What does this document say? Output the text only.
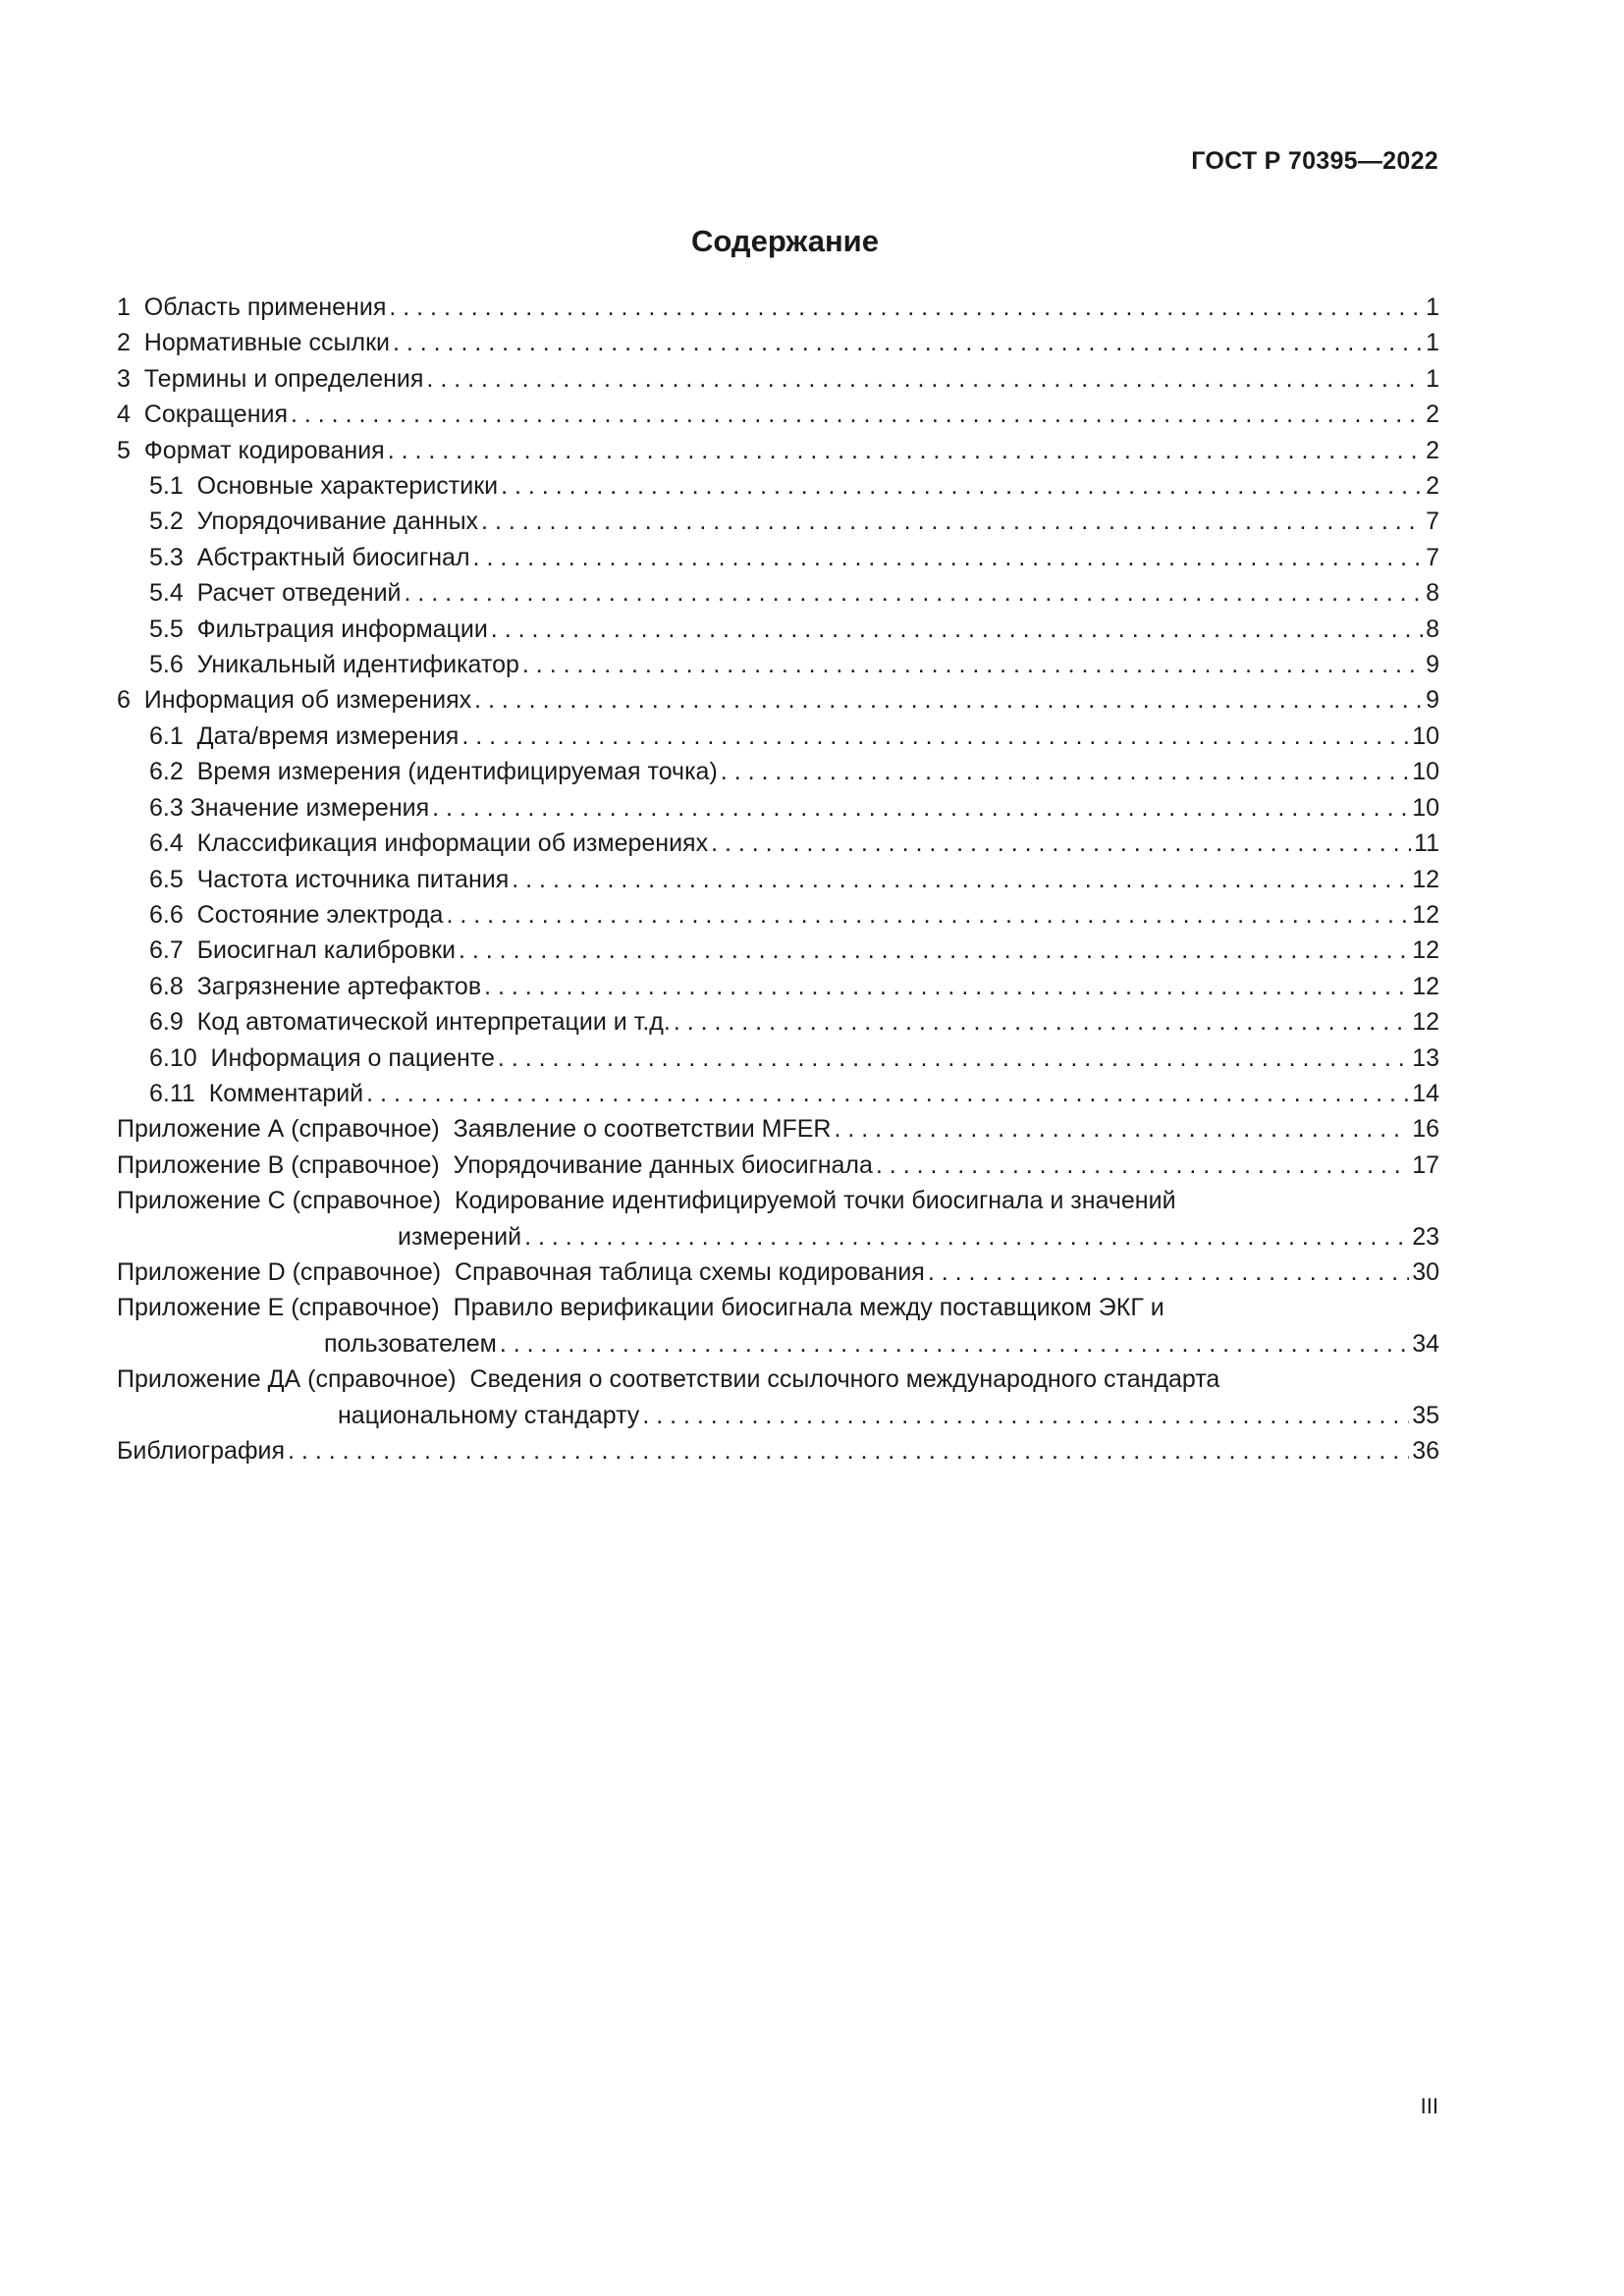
ГОСТ Р 70395—2022
Содержание
1  Область применения . . .	1
2  Нормативные ссылки . . .	1
3  Термины и определения . . .	1
4  Сокращения . . .	2
5  Формат кодирования . . .	2
5.1  Основные характеристики . . .	2
5.2  Упорядочивание данных . . .	7
5.3  Абстрактный биосигнал . . .	7
5.4  Расчет отведений . . .	8
5.5  Фильтрация информации . . .	8
5.6  Уникальный идентификатор . . .	9
6  Информация об измерениях . . .	9
6.1  Дата/время измерения . . .	10
6.2  Время измерения (идентифицируемая точка) . . .	10
6.3 Значение измерения . . .	10
6.4  Классификация информации об измерениях . . .	11
6.5  Частота источника питания . . .	12
6.6  Состояние электрода . . .	12
6.7  Биосигнал калибровки . . .	12
6.8  Загрязнение артефактов . . .	12
6.9  Код автоматической интерпретации и т.д. . . .	12
6.10  Информация о пациенте . . .	13
6.11  Комментарий . . .	14
Приложение А (справочное) Заявление о соответствии MFER . . .	16
Приложение В (справочное) Упорядочивание данных биосигнала . . .	17
Приложение С (справочное) Кодирование идентифицируемой точки биосигнала и значений
измерений . . .	23
Приложение D (справочное) Справочная таблица схемы кодирования . . .	30
Приложение Е (справочное) Правило верификации биосигнала между поставщиком ЭКГ и
пользователем . . .	34
Приложение ДА (справочное) Сведения о соответствии ссылочного международного стандарта
национальному стандарту . . .	35
Библиография . . .	36
III
